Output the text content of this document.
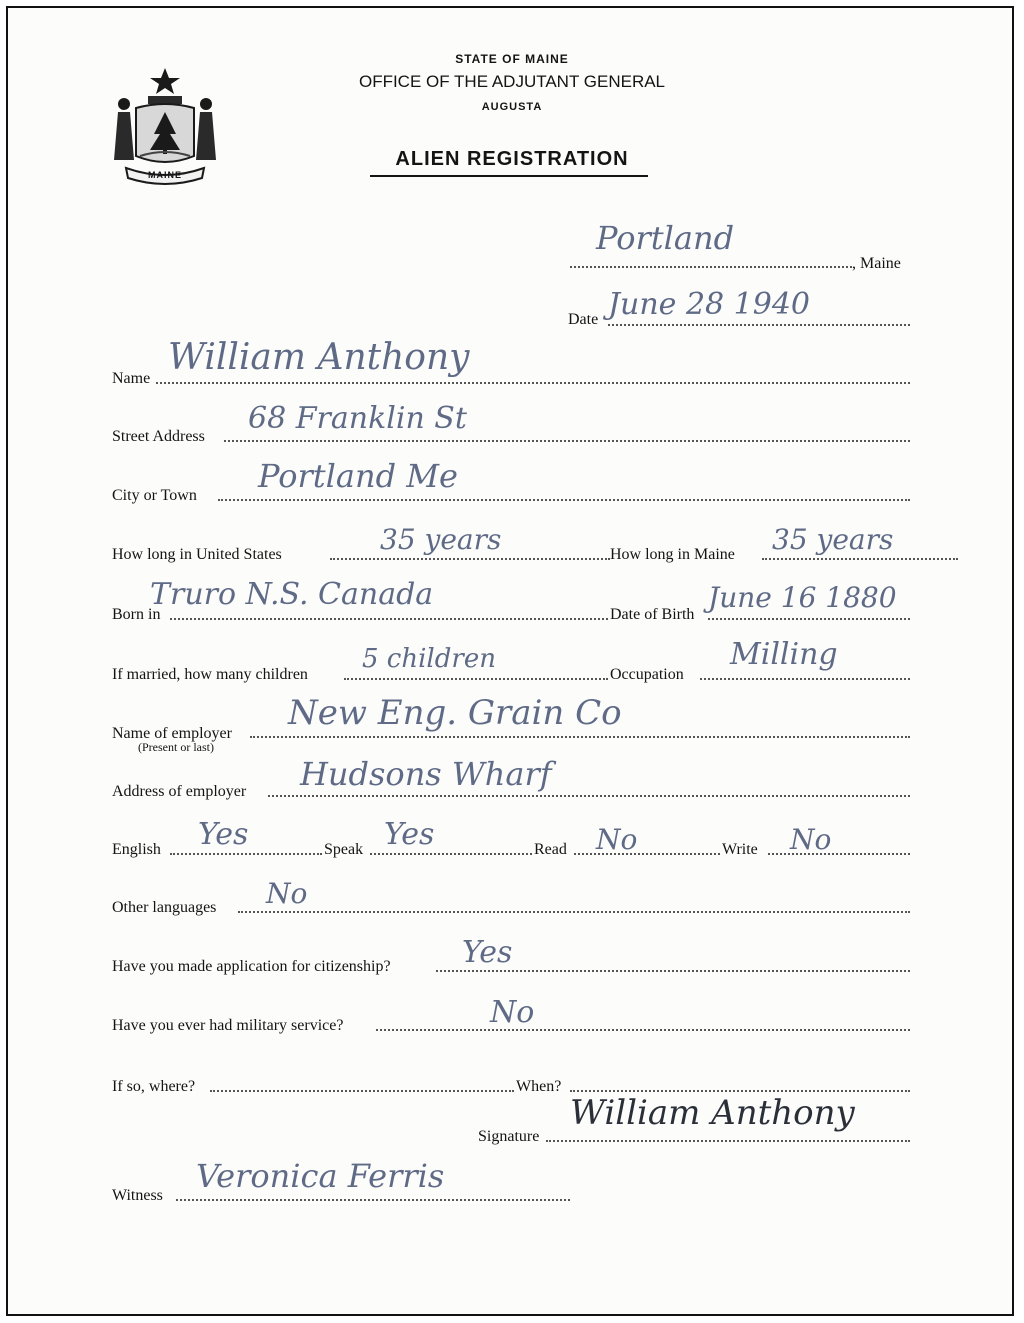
MAINE
STATE OF MAINE
OFFICE OF THE ADJUTANT GENERAL
AUGUSTA
ALIEN REGISTRATION
Portland
, Maine
Date June 28 1940
Name
William Anthony
Street Address
68 Franklin St
City or Town
Portland Me
How long in United States	35 years	How long in Maine 35 years
Born in
Truro N.S. Canada
Date of Birth
June 16 1880
If married, how many children
5 children
Occupation
Milling
Name of employer
(Present or last)
New Eng. Grain Co
Address of employer Hudsons Wharf
English Yes	Speak Yes	Read No	Write No
Other languages No
Have you made application for citizenship? Yes
Have you ever had military service?	No
If so, where?	When?
Signature
William Anthony
Witness
Veronica Ferris
